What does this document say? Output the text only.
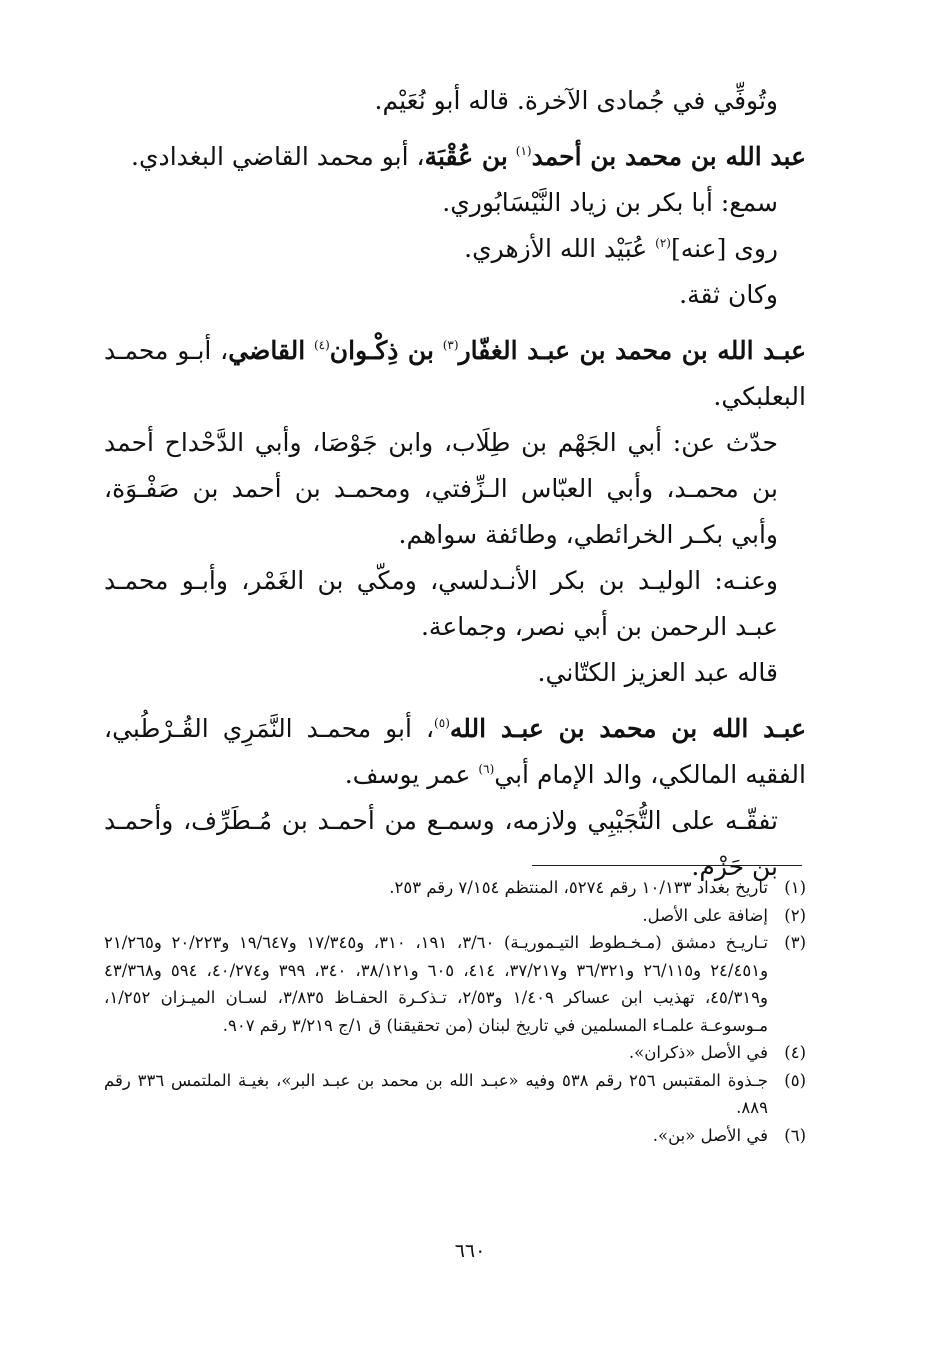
وتُوفِّي في جُمادى الآخرة. قاله أبو نُعَيْم.

عبد الله بن محمد بن أحمد$^{(١)}$ بن عُقْبَة، أبو محمد القاضي البغدادي.

سمع: أبا بكر بن زياد النَّيْسَابُوري.

روى [عنه]$^{(٢)}$ عُبَيْد الله الأزهري.

وكان ثقة.

عبـد الله بن محمد بن عبـد الغفّار$^{(٣)}$ بن ذِكْـوان$^{(٤)}$ القاضي، أبـو محمـد البعلبكي.

حدّث عن: أبي الجَهْم بن طِلَاب، وابن جَوْصَا، وأبي الدَّحْداح أحمد بن محمـد، وأبي العبّاس الـزِّفتي، ومحمـد بن أحمد بن صَفْـوَة، وأبي بكـر الخرائطي، وطائفة سواهم.

وعنـه: الوليـد بن بكر الأنـدلسي، ومكّي بن الغَمْر، وأبـو محمـد عبـد الرحمن بن أبي نصر، وجماعة.

قاله عبد العزيز الكتّاني.

عبـد الله بن محمد بن عبـد الله$^{(٥)}$، أبو محمـد النَّمَرِي القُـرْطُبي، الفقيه المالكي، والد الإمام أبي$^{(٦)}$ عمر يوسف.

تفقّـه على التُّجَيْبِي ولازمه، وسمـع من أحمـد بن مُـطَرِّف، وأحمـد بن حَزْم.

(١)تاريخ بغداد ١٠/١٣٣ رقم ٥٢٧٤، المنتظم ٧/١٥٤ رقم ٢٥٣.

(٢)إضافة على الأصل.

(٣)تـاريـخ دمشق (مـخـطوط التيـموريـة) ٣/٦٠، ١٩١، ٣١٠، و١٧/٣٤٥ و١٩/٦٤٧ و٢٠/٢٢٣ و٢١/٢٦٥ و٢٤/٤٥١ و٢٦/١١٥ و٣٦/٣٢١ و٣٧/٢١٧، ٤١٤، ٦٠٥ و٣٨/١٢١، ٣٤٠، ٣٩٩ و٤٠/٢٧٤، ٥٩٤ و٤٣/٣٦٨ و٤٥/٣١٩، تهذيب ابن عساكر ١/٤٠٩ و٢/٥٣، تـذكـرة الحفـاظ ٣/٨٣٥، لسـان الميـزان ١/٢٥٢، مـوسوعـة علمـاء المسلمين في تاريخ لبنان (من تحقيقنا) ق ١/ج ٣/٢١٩ رقم ٩٠٧.

(٤)في الأصل «ذكران».

(٥)جـذوة المقتبس ٢٥٦ رقم ٥٣٨ وفيه «عبـد الله بن محمد بن عبـد البر»، بغيـة الملتمس ٣٣٦ رقم ٨٨٩.

(٦)في الأصل «بن».

٦٦٠
